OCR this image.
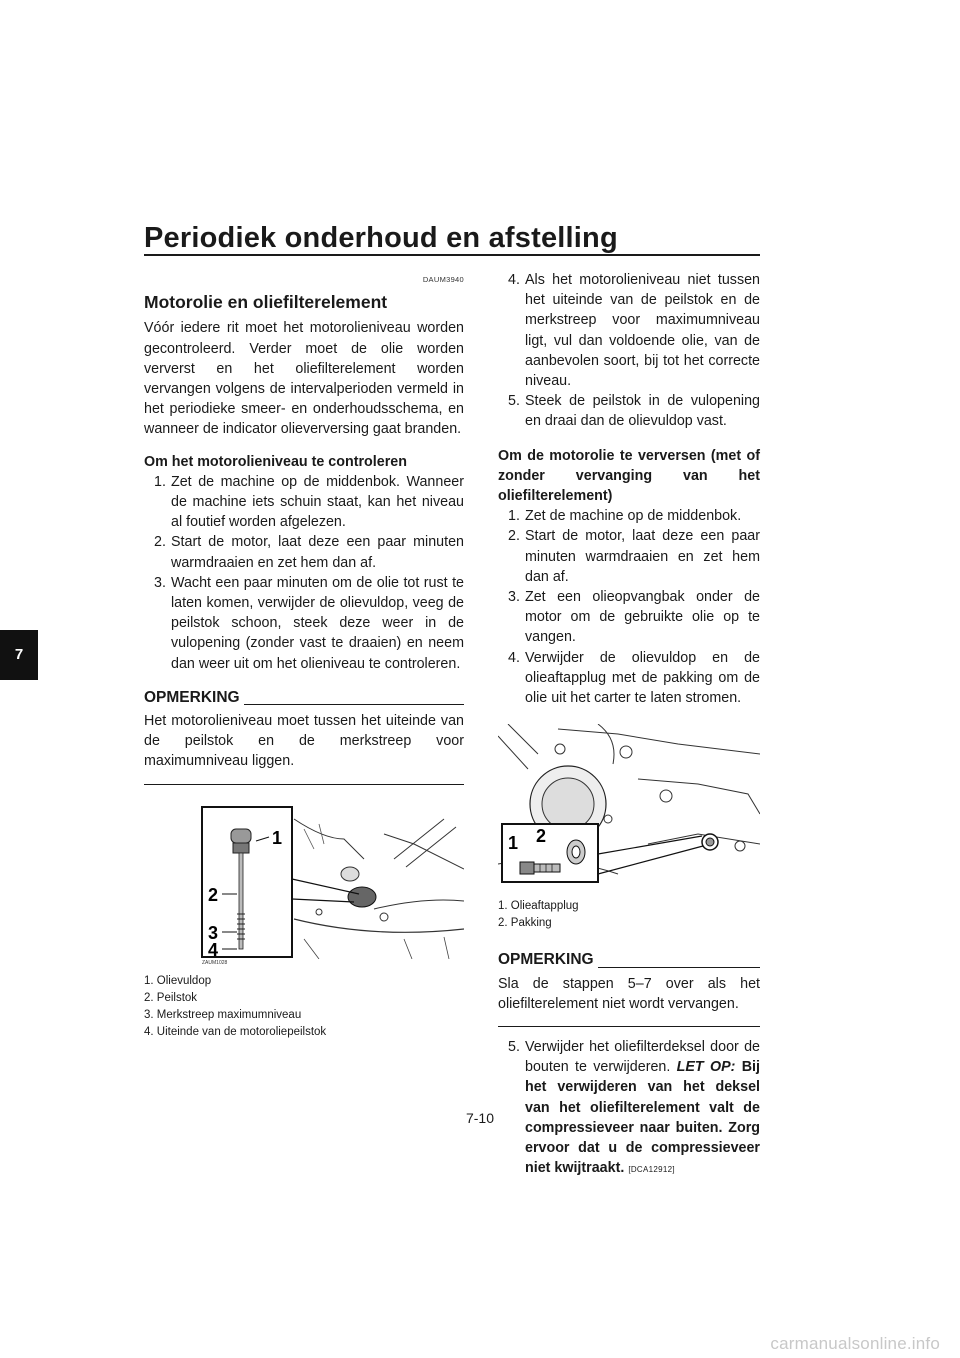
Periodiek onderhoud en afstelling
7
DAUM3940
Motorolie en oliefilterelement

Vóór iedere rit moet het motorolieniveau worden gecontroleerd. Verder moet de olie worden ververst en het oliefilterelement worden vervangen volgens de intervalperioden vermeld in het periodieke smeer- en onderhoudsschema, en wanneer de indicator olieverversing gaat branden.

Om het motorolieniveau te controleren

1. Zet de machine op de middenbok. Wanneer de machine iets schuin staat, kan het niveau al foutief worden afgelezen.
2. Start de motor, laat deze een paar minuten warmdraaien en zet hem dan af.
3. Wacht een paar minuten om de olie tot rust te laten komen, verwijder de olievuldop, veeg de peilstok schoon, steek deze weer in de vulopening (zonder vast te draaien) en neem dan weer uit om het olieniveau te controleren.
OPMERKING

Het motorolieniveau moet tussen het uiteinde van de peilstok en de merkstreep voor maximumniveau liggen.

1
2
3
4
ZAUM1028
1. Olievuldop
2. Peilstok
3. Merkstreep maximumniveau
4. Uiteinde van de motoroliepeilstok
4. Als het motorolieniveau niet tussen het uiteinde van de peilstok en de merkstreep voor maximumniveau ligt, vul dan voldoende olie, van de aanbevolen soort, bij tot het correcte niveau.
5. Steek de peilstok in de vulopening en draai dan de olievuldop vast.

Om de motorolie te verversen (met of zonder vervanging van het oliefilterelement)

1. Zet de machine op de middenbok.
2. Start de motor, laat deze een paar minuten warmdraaien en zet hem dan af.
3. Zet een olieopvangbak onder de motor om de gebruikte olie op te vangen.
4. Verwijder de olievuldop en de olieaftapplug met de pakking om de olie uit het carter te laten stromen.
1 2
1. Olieaftapplug
2. Pakking
OPMERKING

Sla de stappen 5–7 over als het oliefilterelement niet wordt vervangen.

5. Verwijder het oliefilterdeksel door de bouten te verwijderen. LET OP: Bij het verwijderen van het deksel van het oliefilterelement valt de compressieveer naar buiten. Zorg ervoor dat u de compressieveer niet kwijtraakt. [DCA12912]
7-10
carmanualsonline.info
